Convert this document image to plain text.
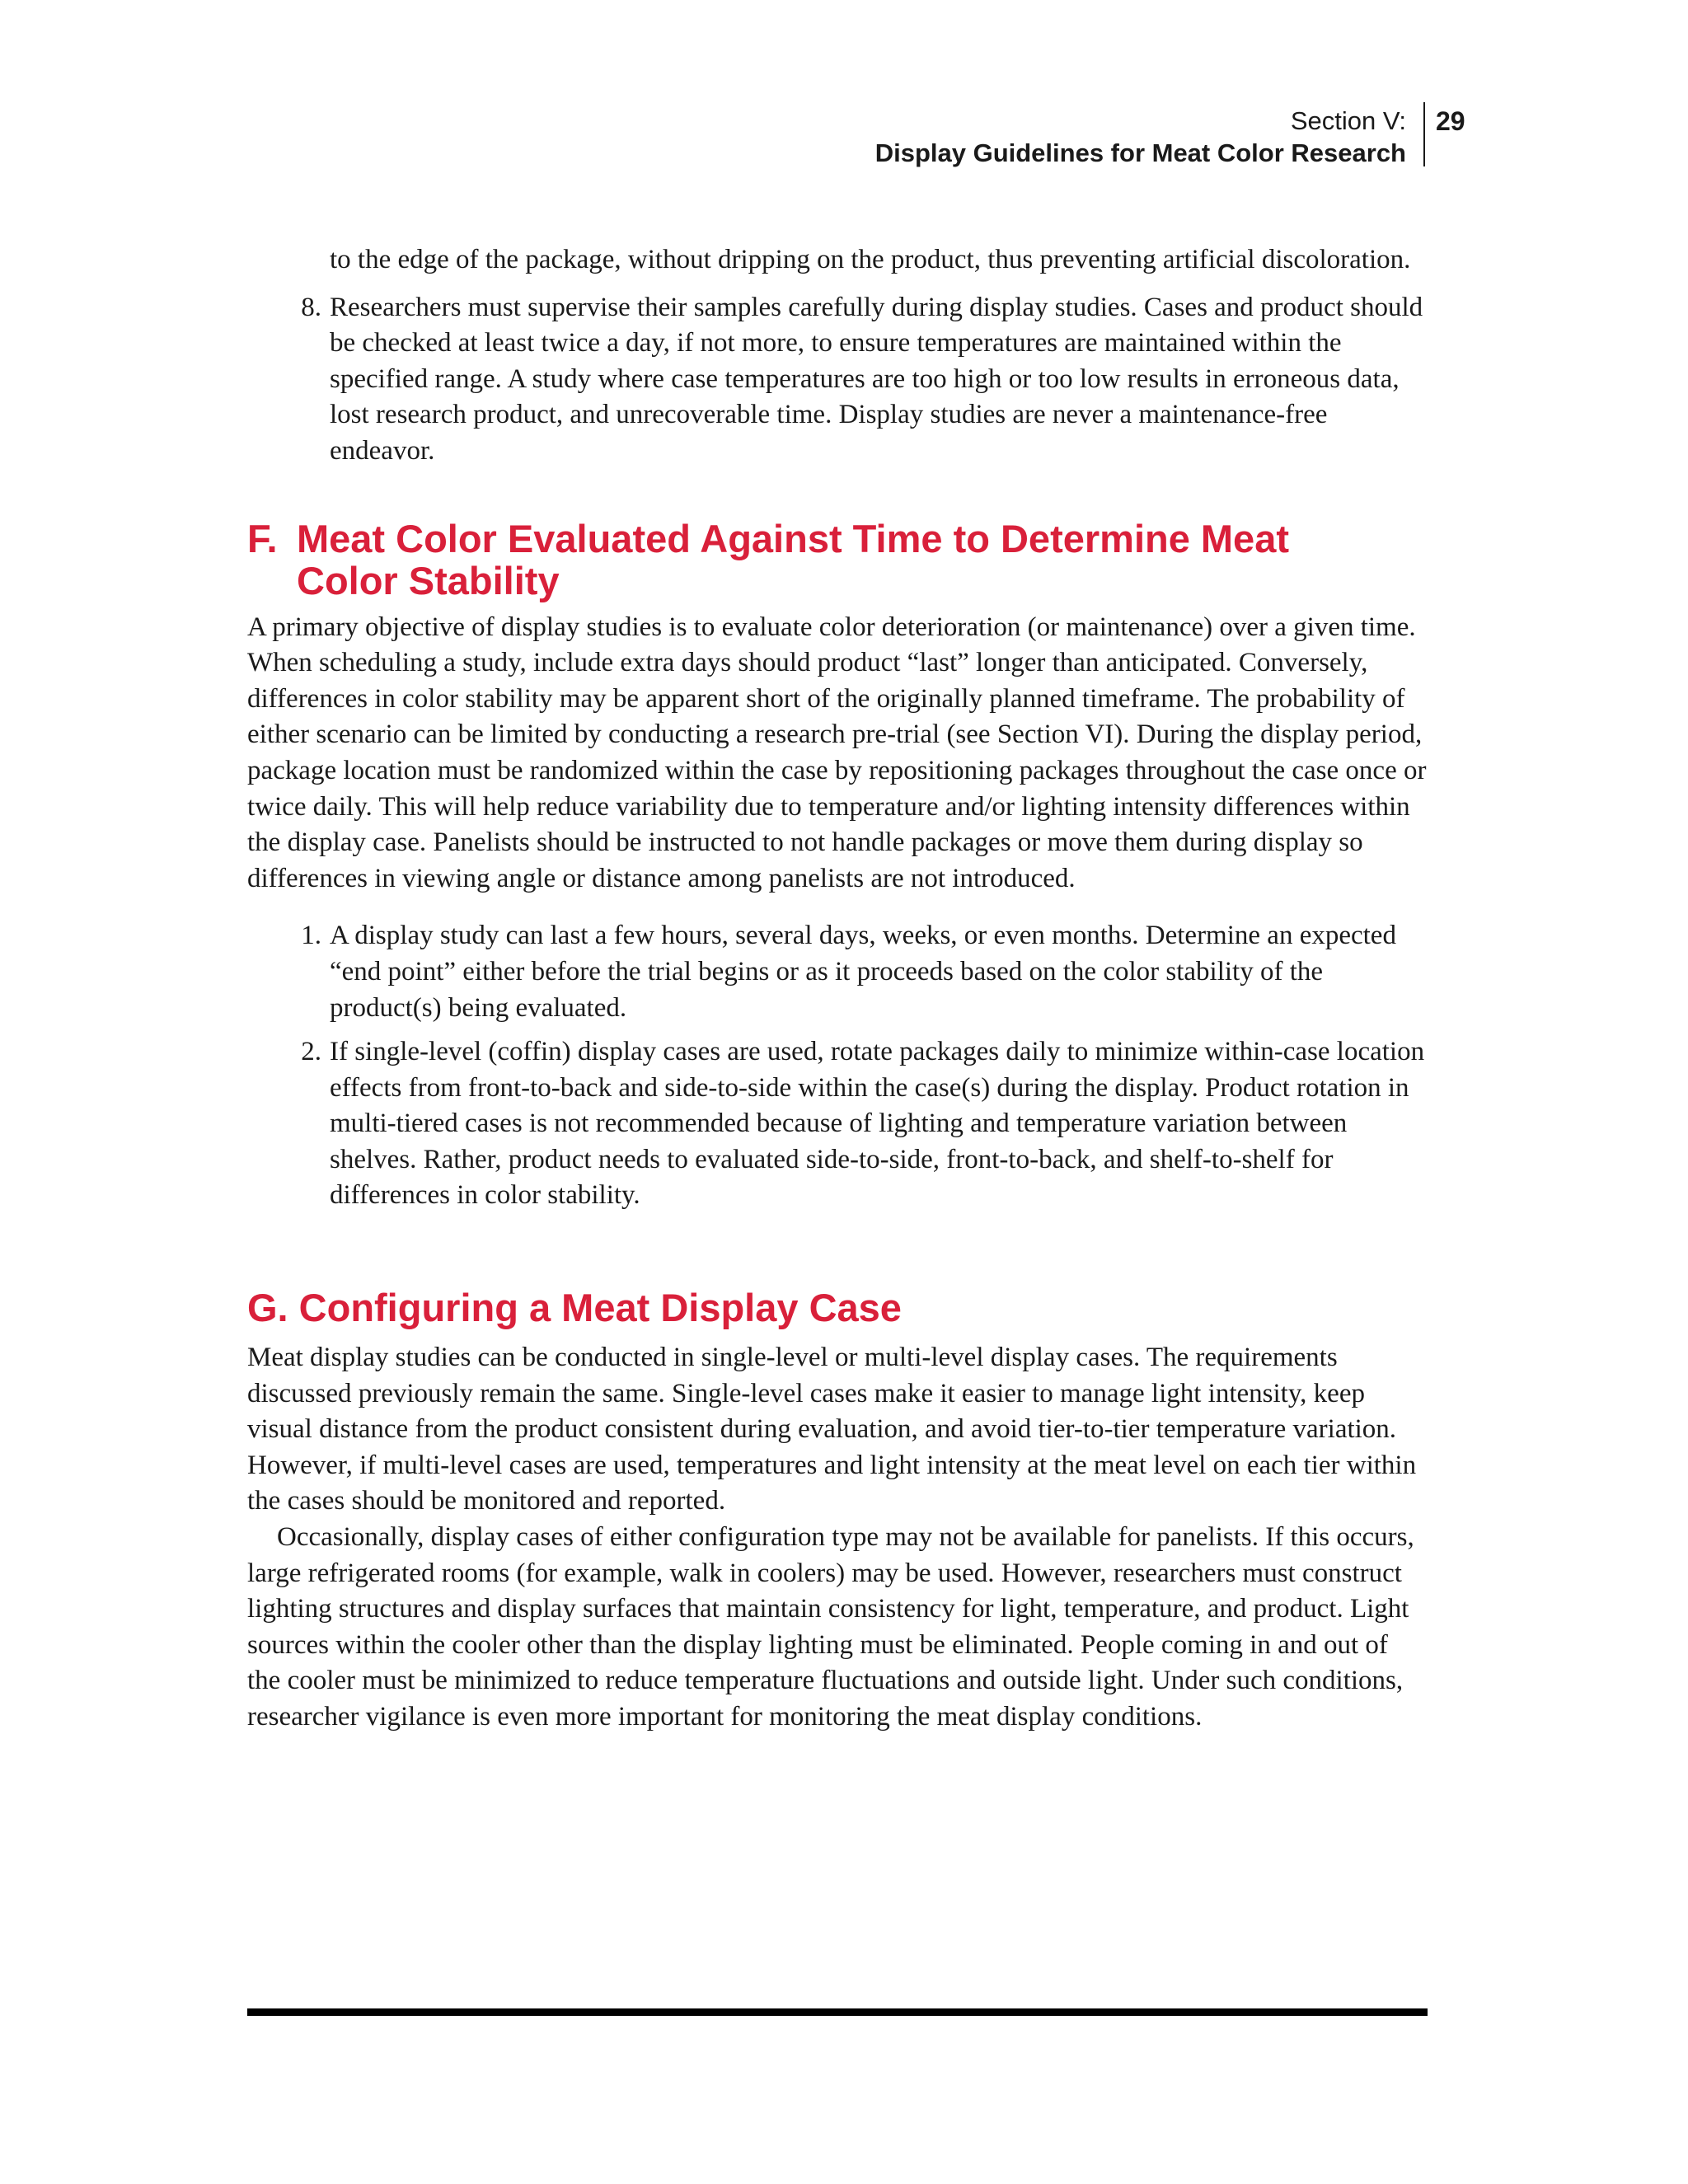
Section V:
Display Guidelines for Meat Color Research
29

to the edge of the package, without dripping on the product, thus preventing artificial discoloration.

8. Researchers must supervise their samples carefully during display studies. Cases and product should be checked at least twice a day, if not more, to ensure temperatures are maintained within the specified range. A study where case temperatures are too high or too low results in erroneous data, lost research product, and unrecoverable time. Display studies are never a maintenance-free endeavor.
F. Meat Color Evaluated Against Time to Determine Meat
Color Stability

A primary objective of display studies is to evaluate color deterioration (or maintenance) over a given time. When scheduling a study, include extra days should product “last” longer than anticipated. Conversely, differences in color stability may be apparent short of the originally planned timeframe. The probability of either scenario can be limited by conducting a research pre-trial (see Section VI). During the display period, package location must be randomized within the case by repositioning packages throughout the case once or twice daily. This will help reduce variability due to temperature and/or lighting intensity differences within the display case. Panelists should be instructed to not handle packages or move them during display so differences in viewing angle or distance among panelists are not introduced.

1. A display study can last a few hours, several days, weeks, or even months. Determine an expected “end point” either before the trial begins or as it proceeds based on the color stability of the product(s) being evaluated.
2. If single-level (coffin) display cases are used, rotate packages daily to minimize within-case location effects from front-to-back and side-to-side within the case(s) during the display. Product rotation in multi-tiered cases is not recommended because of lighting and temperature variation between shelves. Rather, product needs to evaluated side-to-side, front-to-back, and shelf-to-shelf for differences in color stability.
G. Configuring a Meat Display Case

Meat display studies can be conducted in single-level or multi-level display cases. The requirements discussed previously remain the same. Single-level cases make it easier to manage light intensity, keep visual distance from the product consistent during evaluation, and avoid tier-to-tier temperature variation. However, if multi-level cases are used, temperatures and light intensity at the meat level on each tier within the cases should be monitored and reported.

Occasionally, display cases of either configuration type may not be available for panelists. If this occurs, large refrigerated rooms (for example, walk in coolers) may be used. However, researchers must construct lighting structures and display surfaces that maintain consistency for light, temperature, and product. Light sources within the cooler other than the display lighting must be eliminated. People coming in and out of the cooler must be minimized to reduce temperature fluctuations and outside light. Under such conditions, researcher vigilance is even more important for monitoring the meat display conditions.
